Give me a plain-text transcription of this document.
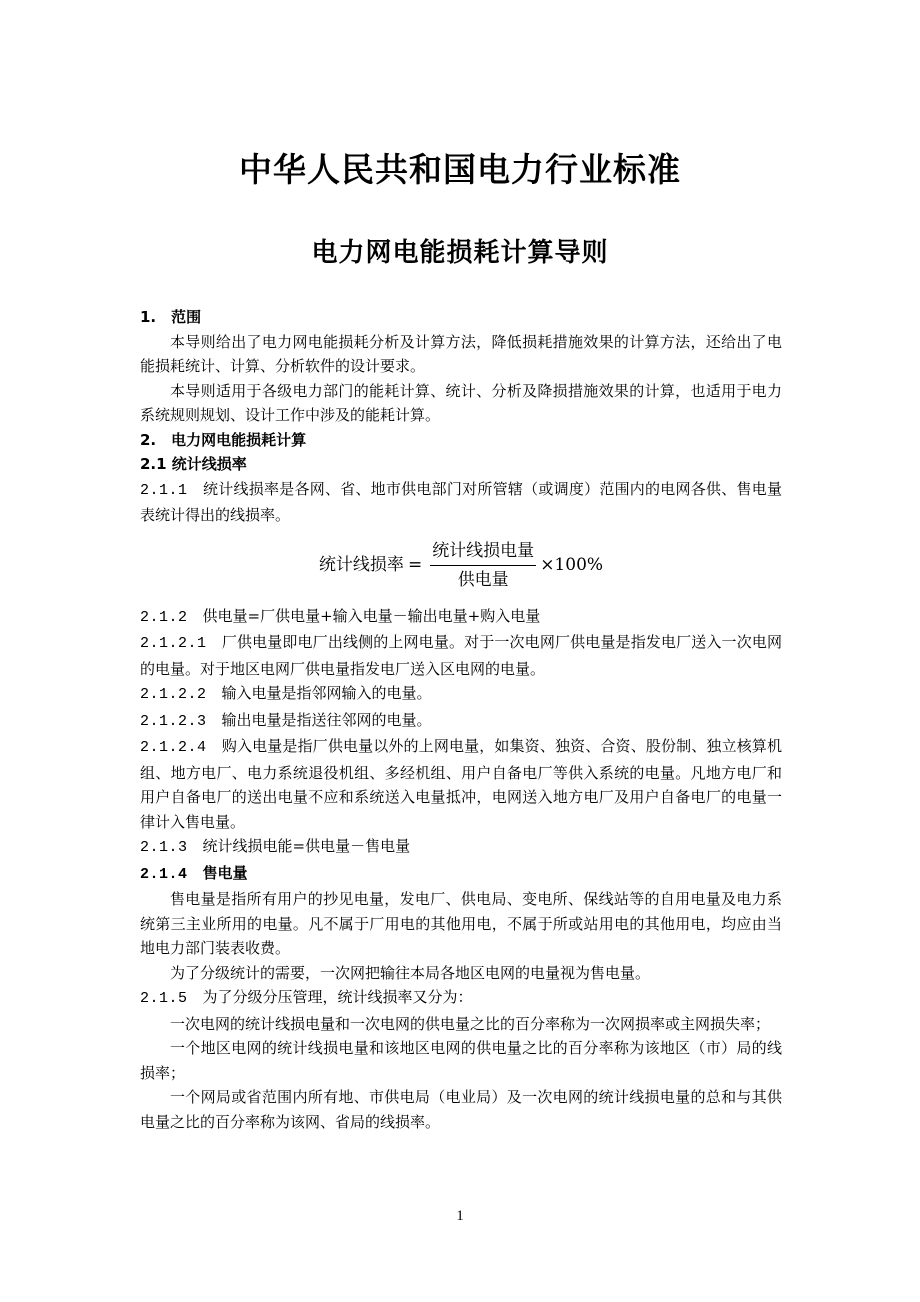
中华人民共和国电力行业标准
电力网电能损耗计算导则

1.　范围

本导则给出了电力网电能损耗分析及计算方法，降低损耗措施效果的计算方法，还给出了电能损耗统计、计算、分析软件的设计要求。

本导则适用于各级电力部门的能耗计算、统计、分析及降损措施效果的计算，也适用于电力系统规则规划、设计工作中涉及的能耗计算。

2.　电力网电能损耗计算

2.1 统计线损率

2.1.1　 统计线损率是各网、省、地市供电部门对所管辖（或调度）范围内的电网各供、售电量表统计得出的线损率。

统计线损率 = $\frac{\text{统计线损电量}}{\text{供电量}} \times 100\%$

2.1.2　 供电量=厂供电量+输入电量－输出电量+购入电量

2.1.2.1　 厂供电量即电厂出线侧的上网电量。对于一次电网厂供电量是指发电厂送入一次电网的电量。对于地区电网厂供电量指发电厂送入区电网的电量。

2.1.2.2　 输入电量是指邻网输入的电量。

2.1.2.3　 输出电量是指送往邻网的电量。

2.1.2.4　 购入电量是指厂供电量以外的上网电量，如集资、独资、合资、股份制、独立核算机组、地方电厂、电力系统退役机组、多经机组、用户自备电厂等供入系统的电量。凡地方电厂和用户自备电厂的送出电量不应和系统送入电量抵冲，电网送入地方电厂及用户自备电厂的电量一律计入售电量。

2.1.3　 统计线损电能=供电量－售电量

2.1.4　 售电量

售电量是指所有用户的抄见电量，发电厂、供电局、变电所、保线站等的自用电量及电力系统第三主业所用的电量。凡不属于厂用电的其他用电，不属于所或站用电的其他用电，均应由当地电力部门装表收费。

为了分级统计的需要，一次网把输往本局各地区电网的电量视为售电量。

2.1.5　 为了分级分压管理，统计线损率又分为：

一次电网的统计线损电量和一次电网的供电量之比的百分率称为一次网损率或主网损失率；

一个地区电网的统计线损电量和该地区电网的供电量之比的百分率称为该地区（市）局的线损率；

一个网局或省范围内所有地、市供电局（电业局）及一次电网的统计线损电量的总和与其供电量之比的百分率称为该网、省局的线损率。

1
